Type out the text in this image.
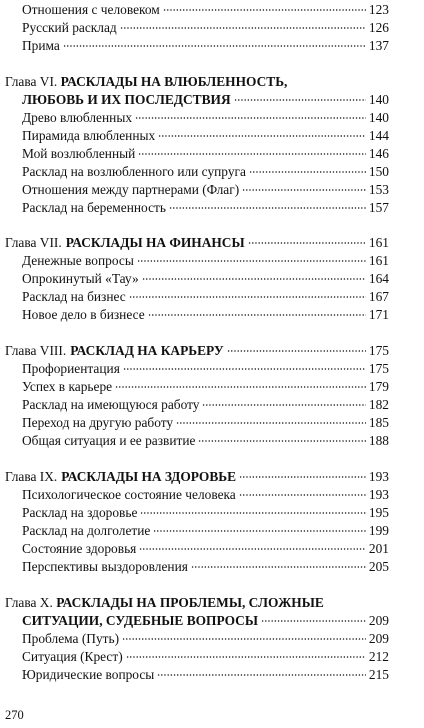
Отношения с человеком	123
Русский расклад	126
Прима	137
Глава VI. РАСКЛАДЫ НА ВЛЮБЛЕННОСТЬ,
ЛЮБОВЬ И ИХ ПОСЛЕДСТВИЯ	140
Древо влюбленных	140
Пирамида влюбленных	144
Мой возлюбленный	146
Расклад на возлюбленного или супруга	150
Отношения между партнерами (Флаг)	153
Расклад на беременность	157
Глава VII. РАСКЛАДЫ НА ФИНАНСЫ	161
Денежные вопросы	161
Опрокинутый «Тау»	164
Расклад на бизнес	167
Новое дело в бизнесе	171
Глава VIII. РАСКЛАД НА КАРЬЕРУ	175
Профориентация	175
Успех в карьере	179
Расклад на имеющуюся работу	182
Переход на другую работу	185
Общая ситуация и ее развитие	188
Глава IX. РАСКЛАДЫ НА ЗДОРОВЬЕ	193
Психологическое состояние человека	193
Расклад на здоровье	195
Расклад на долголетие	199
Состояние здоровья	201
Перспективы выздоровления	205
Глава X. РАСКЛАДЫ НА ПРОБЛЕМЫ, СЛОЖНЫЕ
СИТУАЦИИ, СУДЕБНЫЕ ВОПРОСЫ	209
Проблема (Путь)	209
Ситуация (Крест)	212
Юридические вопросы	215
270
